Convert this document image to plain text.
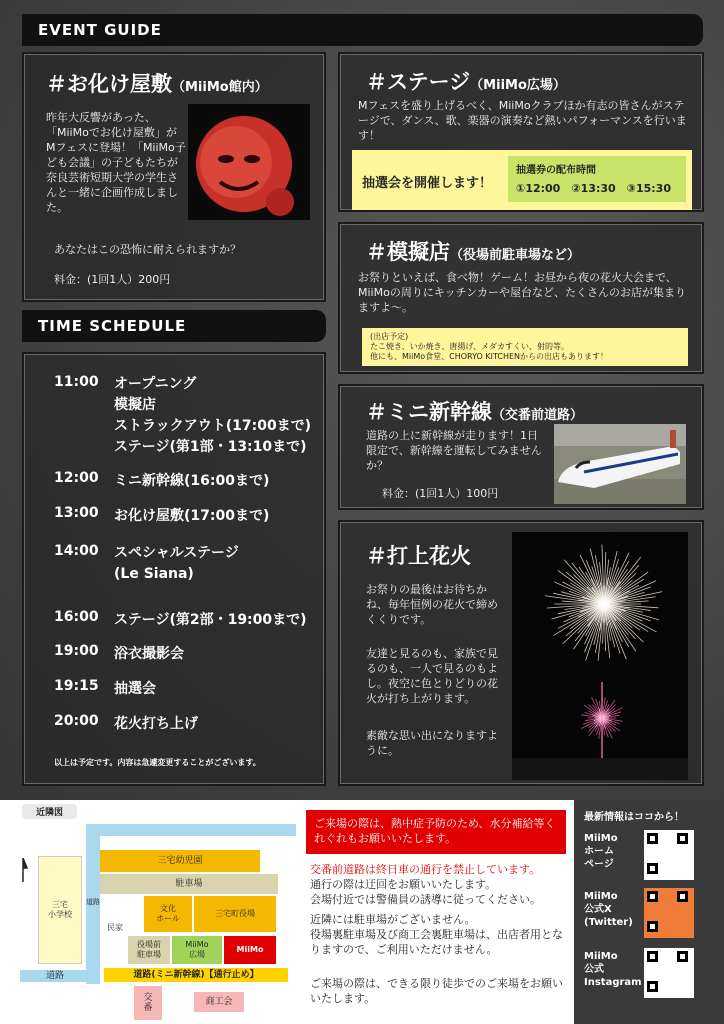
EVENT GUIDE
＃お化け屋敷（MiiMo館内）
昨年大反響があった、「MiiMoでお化け屋敷」がMフェスに登場！「MiiMo子ども会議」の子どもたちが奈良芸術短期大学の学生さんと一緒に企画作成しました。
あなたはこの恐怖に耐えられますか？
料金：(1回1人）200円
＃ステージ（MiiMo広場）
Mフェスを盛り上げるべく、MiiMoクラブほか有志の皆さんがステージで、ダンス、歌、楽器の演奏など熱いパフォーマンスを行います！
抽選会を開催します！
抽選券の配布時間
①12:00　②13:30　③15:30
＃模擬店（役場前駐車場など）
お祭りといえば、食べ物！ゲーム！お昼から夜の花火大会まで、MiiMoの周りにキッチンカーや屋台など、たくさんのお店が集まりますよ〜。
(出店予定)
たこ焼き、いか焼き、唐揚げ、メダカすくい、射的等。
他にも、MiiMo食堂、CHORYO KITCHENからの出店もあります！
TIME SCHEDULE
11:00 オープニング
模擬店
ストラックアウト(17:00まで)
ステージ(第1部・13:10まで)
12:00 ミニ新幹線(16:00まで)
13:00 お化け屋敷(17:00まで)
14:00 スペシャルステージ
(Le Siana)
16:00 ステージ(第2部・19:00まで)
19:00 浴衣撮影会
19:15 抽選会
20:00 花火打ち上げ
以上は予定です。内容は急遽変更することがございます。
＃ミニ新幹線（交番前道路）
道路の上に新幹線が走ります！1日限定で、新幹線を運転してみませんか？
料金：(1回1人）100円
＃打上花火
お祭りの最後はお待ちかね、毎年恒例の花火で締めくくりです。
友達と見るのも、家族で見るのも、一人で見るのもよし。夜空に色とりどりの花火が打ち上がります。
素敵な思い出になりますように。
近隣図
道路
道路
三宅
小学校
三宅幼児園
駐車場
民家
文化
ホール
三宅町役場
役場前
駐車場
MiiMo
広場
MiiMo
道路(ミニ新幹線)【通行止め】
交
番
商工会
ご来場の際は、熱中症予防のため、水分補給等くれぐれもお願いいたします。
交番前道路は終日車の通行を禁止しています。
通行の際は迂回をお願いいたします。
会場付近では警備員の誘導に従ってください。
近隣には駐車場がございません。
役場裏駐車場及び商工会裏駐車場は、出店者用となりますので、ご利用いただけません。
ご来場の際は、できる限り徒歩でのご来場をお願いいたします。
最新情報はココから！
MiiMo
ホーム
ページ
MiiMo
公式X
(Twitter)
MiiMo
公式
Instagram
